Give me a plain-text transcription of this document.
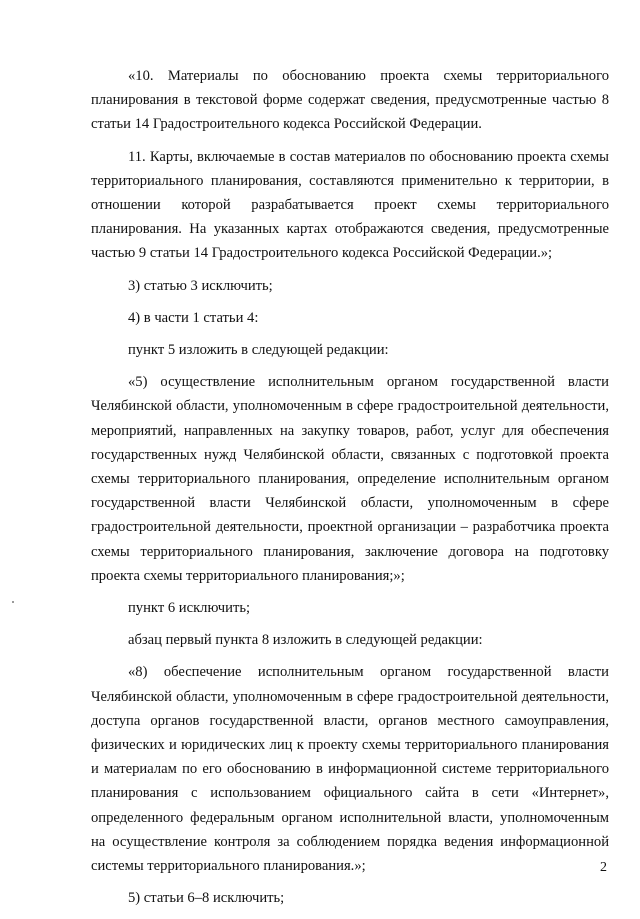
«10. Материалы по обоснованию проекта схемы территориального планирования в текстовой форме содержат сведения, предусмотренные частью 8 статьи 14 Градостроительного кодекса Российской Федерации.

11. Карты, включаемые в состав материалов по обоснованию проекта схемы территориального планирования, составляются применительно к территории, в отношении которой разрабатывается проект схемы территориального планирования. На указанных картах отображаются сведения, предусмотренные частью 9 статьи 14 Градостроительного кодекса Российской Федерации.»;

3) статью 3 исключить;

4) в части 1 статьи 4:

пункт 5 изложить в следующей редакции:

«5) осуществление исполнительным органом государственной власти Челябинской области, уполномоченным в сфере градостроительной деятельности, мероприятий, направленных на закупку товаров, работ, услуг для обеспечения государственных нужд Челябинской области, связанных с подготовкой проекта схемы территориального планирования, определение исполнительным органом государственной власти Челябинской области, уполномоченным в сфере градостроительной деятельности, проектной организации – разработчика проекта схемы территориального планирования, заключение договора на подготовку проекта схемы территориального планирования;»;

пункт 6 исключить;

абзац первый пункта 8 изложить в следующей редакции:

«8) обеспечение исполнительным органом государственной власти Челябинской области, уполномоченным в сфере градостроительной деятельности, доступа органов государственной власти, органов местного самоуправления, физических и юридических лиц к проекту схемы территориального планирования и материалам по его обоснованию в информационной системе территориального планирования с использованием официального сайта в сети «Интернет», определенного федеральным органом исполнительной власти, уполномоченным на осуществление контроля за соблюдением порядка ведения информационной системы территориального планирования.»;

5) статьи 6–8 исключить;

2
